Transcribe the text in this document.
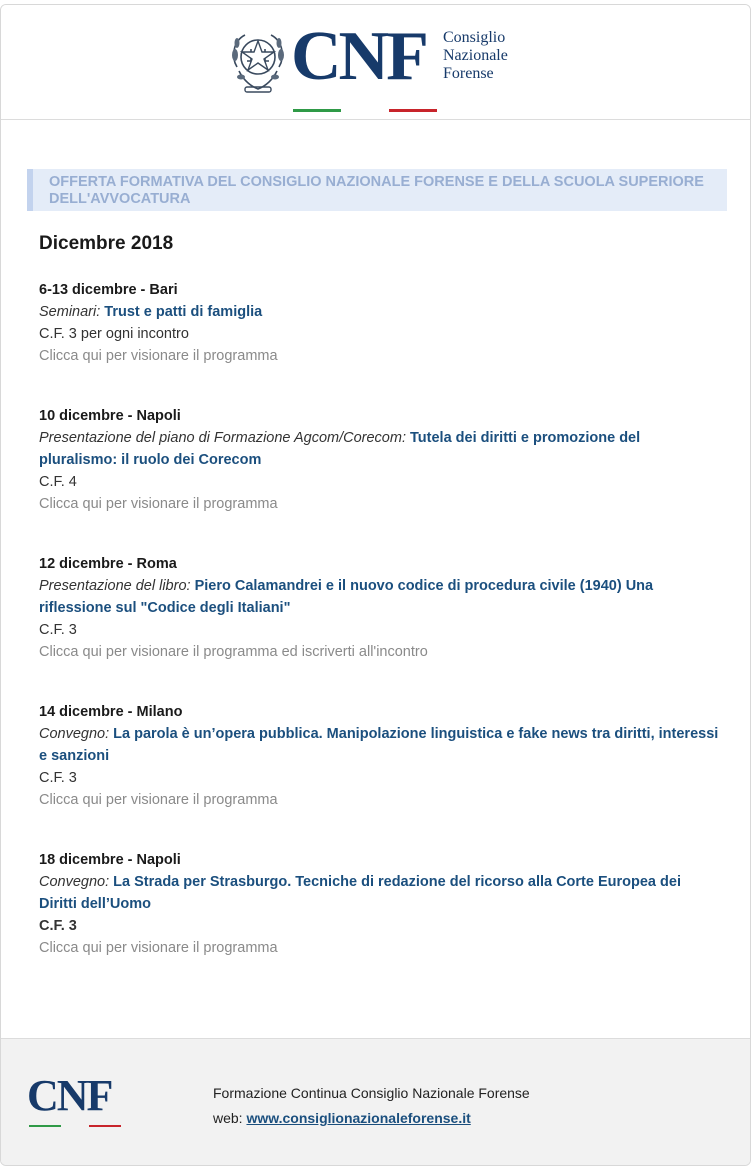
CNF Consiglio
Nazionale
Forense
OFFERTA FORMATIVA DEL CONSIGLIO NAZIONALE FORENSE E DELLA SCUOLA SUPERIORE DELL'AVVOCATURA
Dicembre 2018
6-13 dicembre - Bari
Seminari: Trust e patti di famiglia
C.F. 3 per ogni incontro
Clicca qui per visionare il programma
10 dicembre - Napoli
Presentazione del piano di Formazione Agcom/Corecom: Tutela dei diritti e promozione del pluralismo: il ruolo dei Corecom
C.F. 4
Clicca qui per visionare il programma
12 dicembre - Roma
Presentazione del libro: Piero Calamandrei e il nuovo codice di procedura civile (1940) Una riflessione sul "Codice degli Italiani"
C.F. 3
Clicca qui per visionare il programma ed iscriverti all'incontro
14 dicembre - Milano
Convegno: La parola è un’opera pubblica. Manipolazione linguistica e fake news tra diritti, interessi e sanzioni
C.F. 3
Clicca qui per visionare il programma
18 dicembre - Napoli
Convegno: La Strada per Strasburgo. Tecniche di redazione del ricorso alla Corte Europea dei Diritti dell’Uomo
C.F. 3
Clicca qui per visionare il programma
CNF	Formazione Continua Consiglio Nazionale Forense
web: www.consiglionazionaleforense.it
